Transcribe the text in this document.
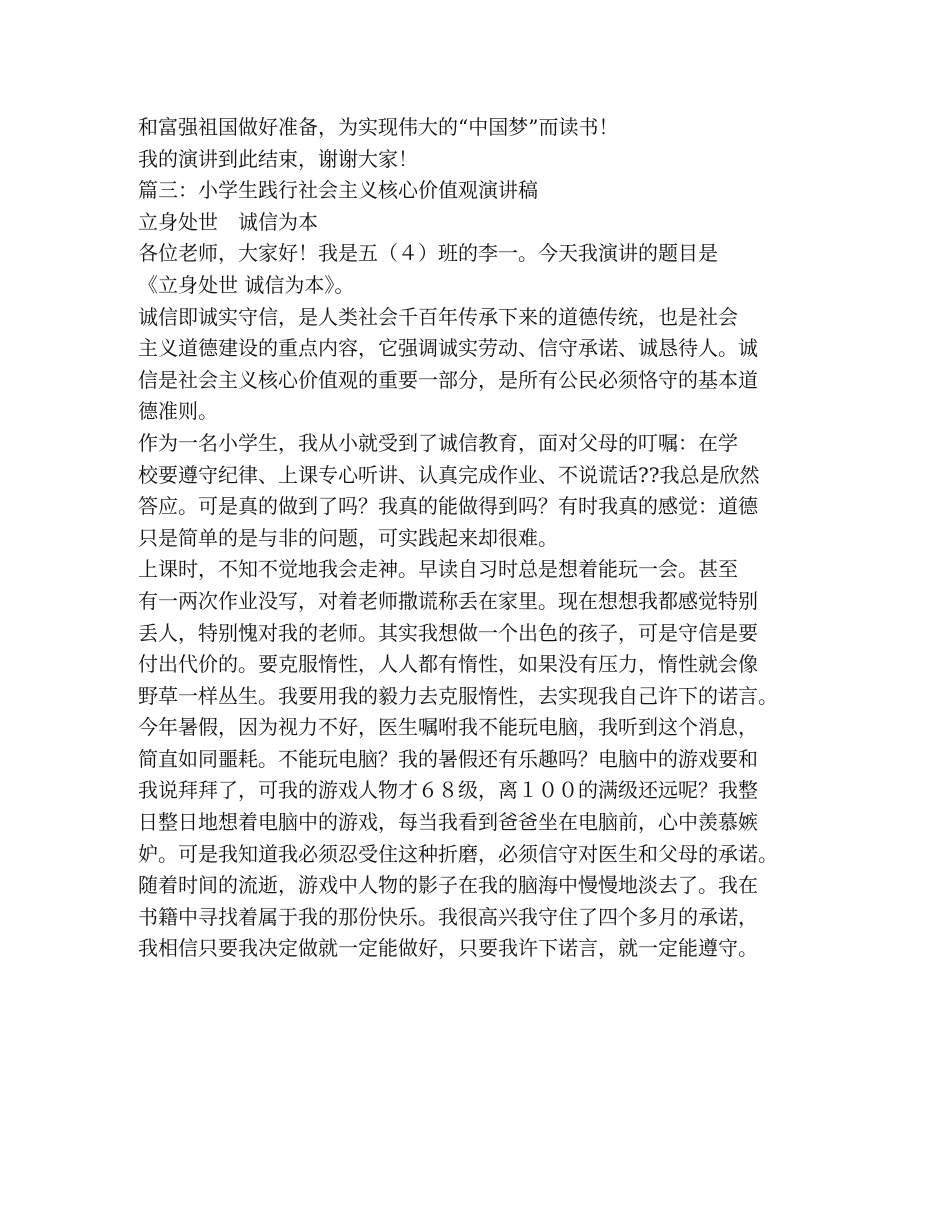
和富强祖国做好准备，为实现伟大的“中国梦”而读书！
我的演讲到此结束，谢谢大家！
篇三：小学生践行社会主义核心价值观演讲稿
立身处世　诚信为本
各位老师，大家好！我是五（４）班的李一。今天我演讲的题目是
《立身处世 诚信为本》。
诚信即诚实守信，是人类社会千百年传承下来的道德传统，也是社会
主义道德建设的重点内容，它强调诚实劳动、信守承诺、诚恳待人。诚
信是社会主义核心价值观的重要一部分，是所有公民必须恪守的基本道
德准则。
作为一名小学生，我从小就受到了诚信教育，面对父母的叮嘱：在学
校要遵守纪律、上课专心听讲、认真完成作业、不说谎话??我总是欣然
答应。可是真的做到了吗？我真的能做得到吗？有时我真的感觉：道德
只是简单的是与非的问题，可实践起来却很难。
上课时，不知不觉地我会走神。早读自习时总是想着能玩一会。甚至
有一两次作业没写，对着老师撒谎称丢在家里。现在想想我都感觉特别
丢人，特别愧对我的老师。其实我想做一个出色的孩子，可是守信是要
付出代价的。要克服惰性，人人都有惰性，如果没有压力，惰性就会像
野草一样丛生。我要用我的毅力去克服惰性，去实现我自己许下的诺言。
今年暑假，因为视力不好，医生嘱咐我不能玩电脑，我听到这个消息，
简直如同噩耗。不能玩电脑？我的暑假还有乐趣吗？电脑中的游戏要和
我说拜拜了，可我的游戏人物才６８级，离１００的满级还远呢？我整
日整日地想着电脑中的游戏，每当我看到爸爸坐在电脑前，心中羡慕嫉
妒。可是我知道我必须忍受住这种折磨，必须信守对医生和父母的承诺。
随着时间的流逝，游戏中人物的影子在我的脑海中慢慢地淡去了。我在
书籍中寻找着属于我的那份快乐。我很高兴我守住了四个多月的承诺，
我相信只要我决定做就一定能做好，只要我许下诺言，就一定能遵守。
